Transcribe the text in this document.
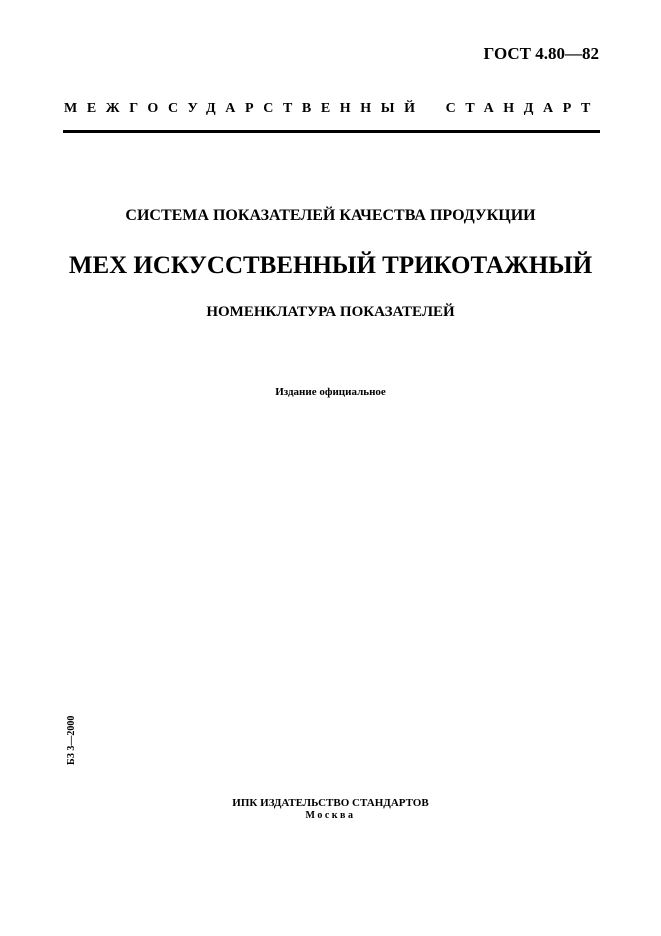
ГОСТ 4.80—82
МЕЖГОСУДАРСТВЕННЫЙ СТАНДАРТ
СИСТЕМА ПОКАЗАТЕЛЕЙ КАЧЕСТВА ПРОДУКЦИИ
МЕХ ИСКУССТВЕННЫЙ ТРИКОТАЖНЫЙ
НОМЕНКЛАТУРА ПОКАЗАТЕЛЕЙ
Издание официальное
БЗ 3—2000
ИПК ИЗДАТЕЛЬСТВО СТАНДАРТОВ
Москва
